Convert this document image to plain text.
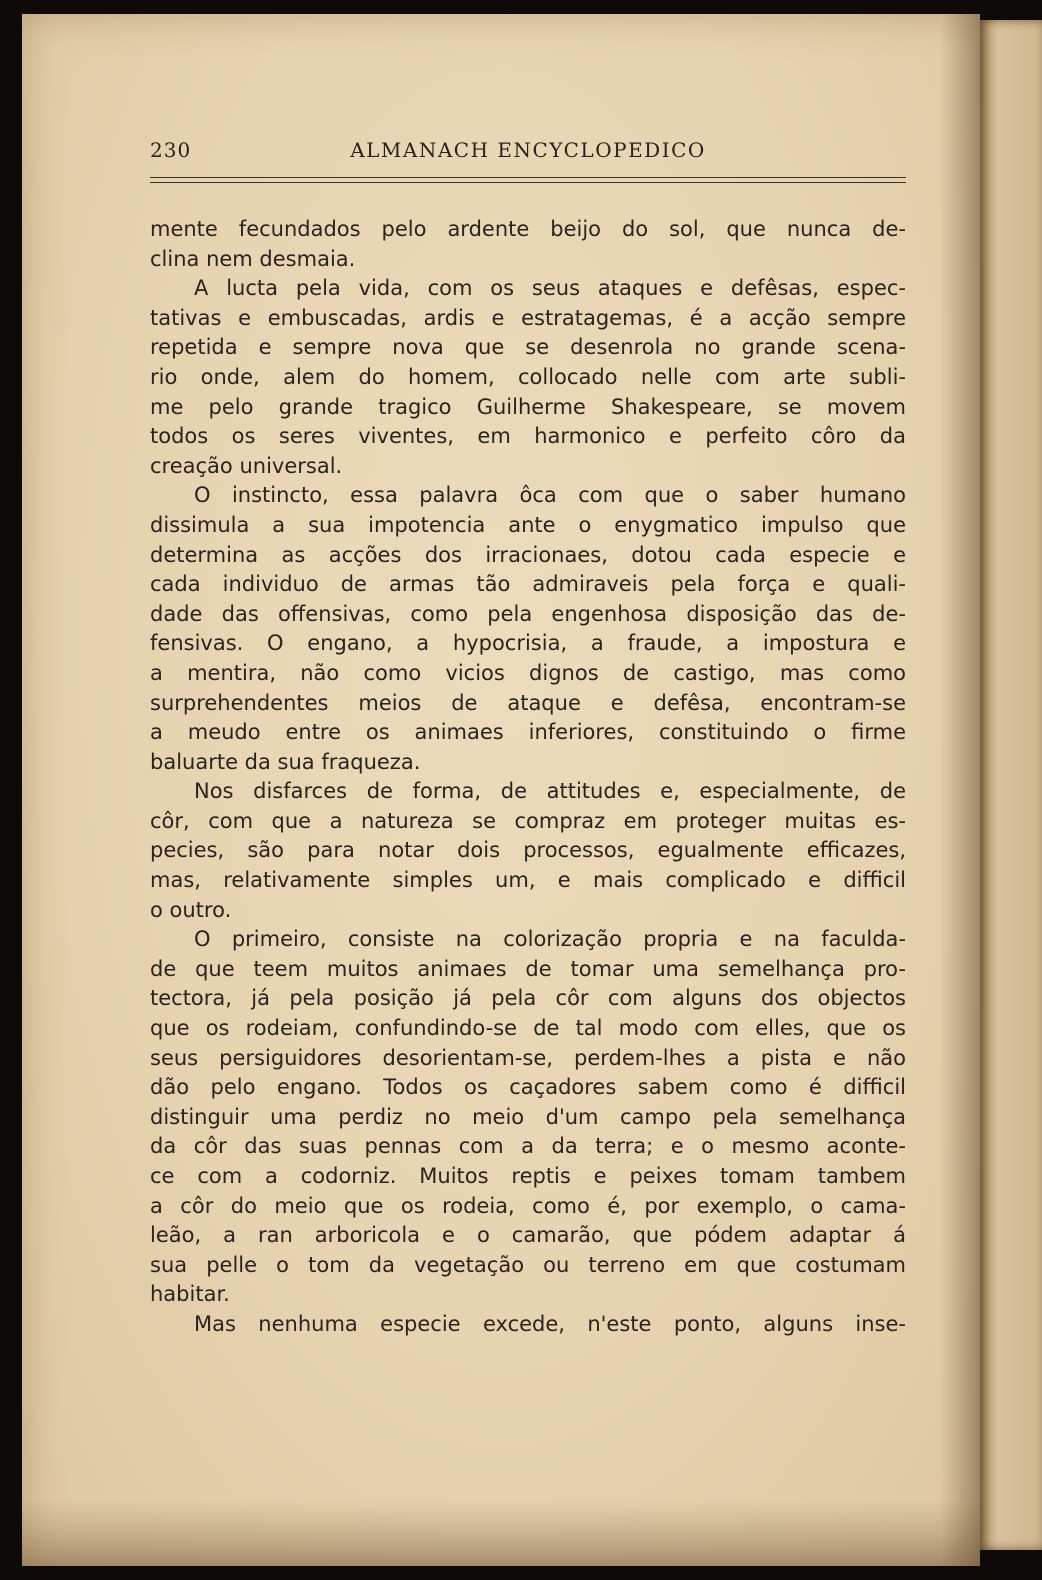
230	ALMANACH ENCYCLOPEDICO
mente fecundados pelo ardente beijo do sol, que nunca de-
clina nem desmaia.
A lucta pela vida, com os seus ataques e defêsas, espec-
tativas e embuscadas, ardis e estratagemas, é a acção sempre
repetida e sempre nova que se desenrola no grande scena-
rio onde, alem do homem, collocado nelle com arte subli-
me pelo grande tragico Guilherme Shakespeare, se movem
todos os seres viventes, em harmonico e perfeito côro da
creação universal.
O instincto, essa palavra ôca com que o saber humano
dissimula a sua impotencia ante o enygmatico impulso que
determina as acções dos irracionaes, dotou cada especie e
cada individuo de armas tão admiraveis pela força e quali-
dade das offensivas, como pela engenhosa disposição das de-
fensivas. O engano, a hypocrisia, a fraude, a impostura e
a mentira, não como vicios dignos de castigo, mas como
surprehendentes meios de ataque e defêsa, encontram-se
a meudo entre os animaes inferiores, constituindo o firme
baluarte da sua fraqueza.
Nos disfarces de forma, de attitudes e, especialmente, de
côr, com que a natureza se compraz em proteger muitas es-
pecies, são para notar dois processos, egualmente efficazes,
mas, relativamente simples um, e mais complicado e difficil
o outro.
O primeiro, consiste na colorização propria e na faculda-
de que teem muitos animaes de tomar uma semelhança pro-
tectora, já pela posição já pela côr com alguns dos objectos
que os rodeiam, confundindo-se de tal modo com elles, que os
seus persiguidores desorientam-se, perdem-lhes a pista e não
dão pelo engano. Todos os caçadores sabem como é difficil
distinguir uma perdiz no meio d'um campo pela semelhança
da côr das suas pennas com a da terra; e o mesmo aconte-
ce com a codorniz. Muitos reptis e peixes tomam tambem
a côr do meio que os rodeia, como é, por exemplo, o cama-
leão, a ran arboricola e o camarão, que pódem adaptar á
sua pelle o tom da vegetação ou terreno em que costumam
habitar.
Mas nenhuma especie excede, n'este ponto, alguns inse-
